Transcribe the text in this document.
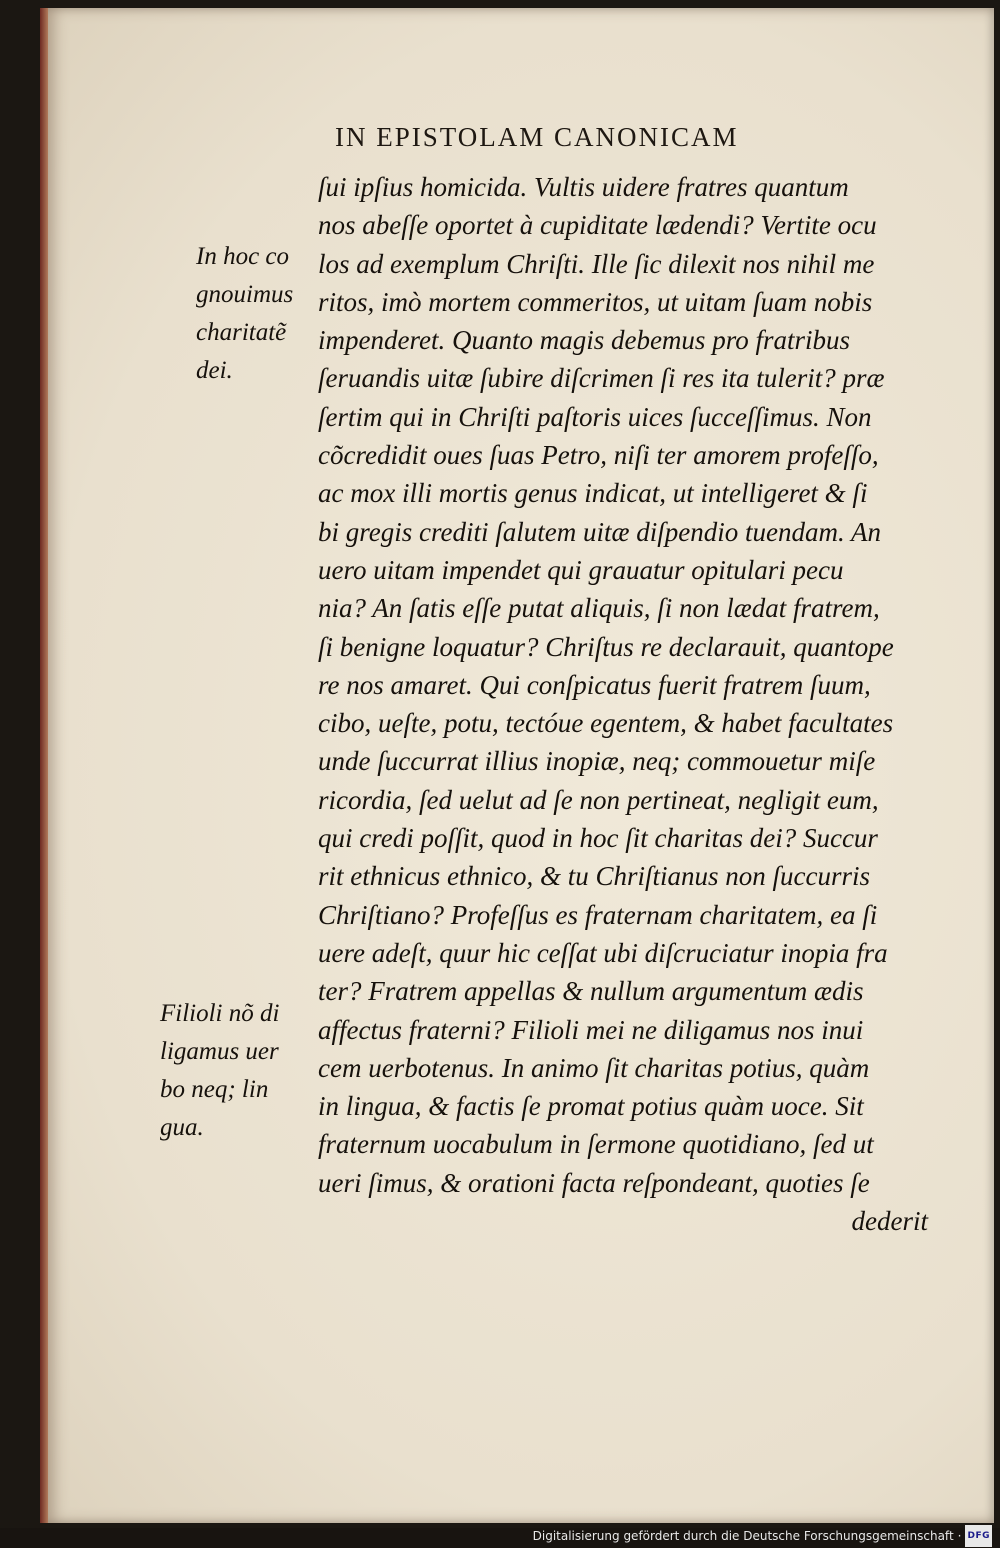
IN EPISTOLAM CANONICAM
In hoc co
gnouimus
charitatẽ
dei.
Filioli nõ di
ligamus uer
bo neq; lin
gua.
ſui ipſius homicida. Vultis uidere fratres quantum
nos abeſſe oportet à cupiditate lædendi? Vertite ocu
los ad exemplum Chriſti. Ille ſic dilexit nos nihil me
ritos, imò mortem commeritos, ut uitam ſuam nobis
impenderet. Quanto magis debemus pro fratribus
ſeruandis uitæ ſubire diſcrimen ſi res ita tulerit? præ
ſertim qui in Chriſti paſtoris uices ſucceſſimus. Non
cõcredidit oues ſuas Petro, niſi ter amorem profeſſo,
ac mox illi mortis genus indicat, ut intelligeret & ſi
bi gregis crediti ſalutem uitæ diſpendio tuendam. An
uero uitam impendet qui grauatur opitulari pecu
nia? An ſatis eſſe putat aliquis, ſi non lædat fratrem,
ſi benigne loquatur? Chriſtus re declarauit, quantope
re nos amaret. Qui conſpicatus fuerit fratrem ſuum,
cibo, ueſte, potu, tectóue egentem, & habet facultates
unde ſuccurrat illius inopiæ, neq; commouetur miſe
ricordia, ſed uelut ad ſe non pertineat, negligit eum,
qui credi poſſit, quod in hoc ſit charitas dei? Succur
rit ethnicus ethnico, & tu Chriſtianus non ſuccurris
Chriſtiano? Profeſſus es fraternam charitatem, ea ſi
uere adeſt, quur hic ceſſat ubi diſcruciatur inopia fra
ter? Fratrem appellas & nullum argumentum ædis
affectus fraterni? Filioli mei ne diligamus nos inui
cem uerbotenus. In animo ſit charitas potius, quàm
in lingua, & factis ſe promat potius quàm uoce. Sit
fraternum uocabulum in ſermone quotidiano, ſed ut
ueri ſimus, & orationi facta reſpondeant, quoties ſe
dederit
Digitalisierung gefördert durch die Deutsche Forschungsgemeinschaft · DFG
